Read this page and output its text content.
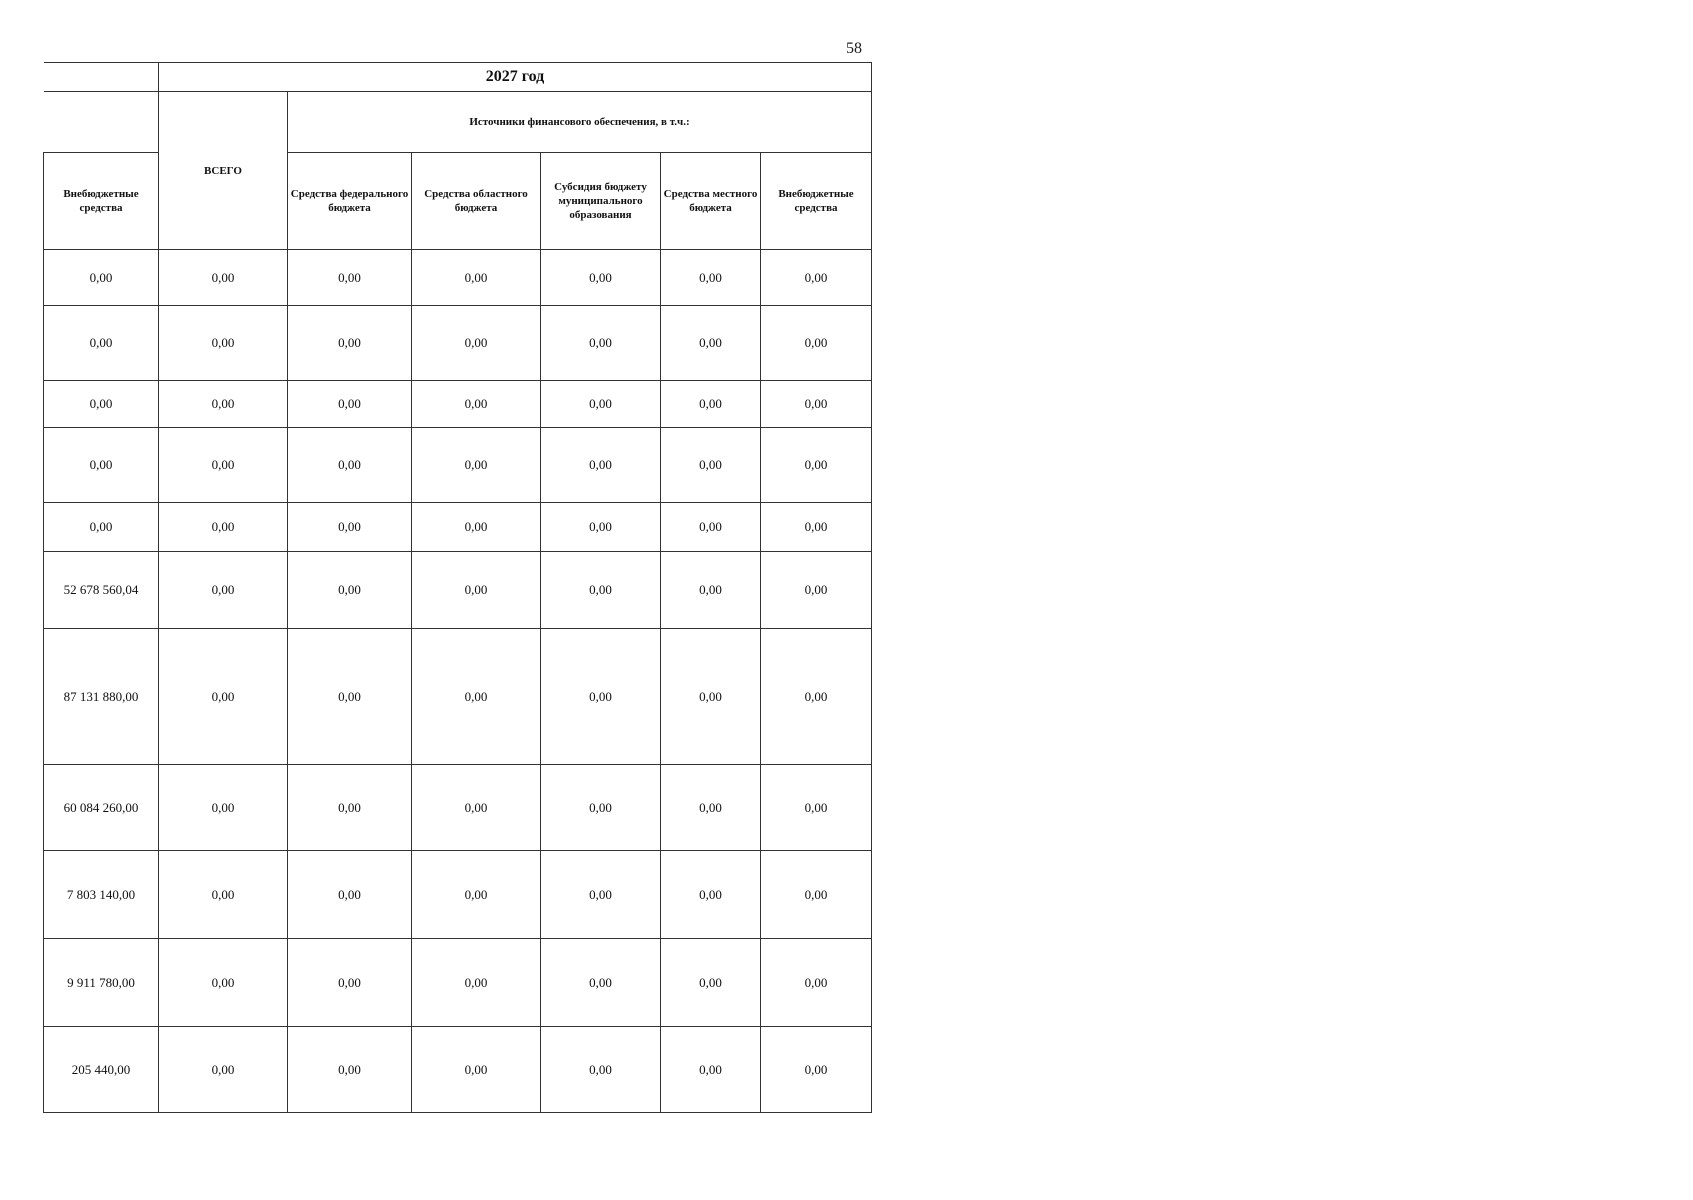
58
	2027 год					
	ВСЕГО	Источники финансового обеспечения, в т.ч.:				
Внебюджетные средства		Средства федерального бюджета	Средства областного бюджета	Субсидия бюджету муниципального образования	Средства местного бюджета	Внебюджетные средства
0,00	0,00	0,00	0,00	0,00	0,00	0,00
0,00	0,00	0,00	0,00	0,00	0,00	0,00
0,00	0,00	0,00	0,00	0,00	0,00	0,00
0,00	0,00	0,00	0,00	0,00	0,00	0,00
0,00	0,00	0,00	0,00	0,00	0,00	0,00
52 678 560,04	0,00	0,00	0,00	0,00	0,00	0,00
87 131 880,00	0,00	0,00	0,00	0,00	0,00	0,00
60 084 260,00	0,00	0,00	0,00	0,00	0,00	0,00
7 803 140,00	0,00	0,00	0,00	0,00	0,00	0,00
9 911 780,00	0,00	0,00	0,00	0,00	0,00	0,00
205 440,00	0,00	0,00	0,00	0,00	0,00	0,00
